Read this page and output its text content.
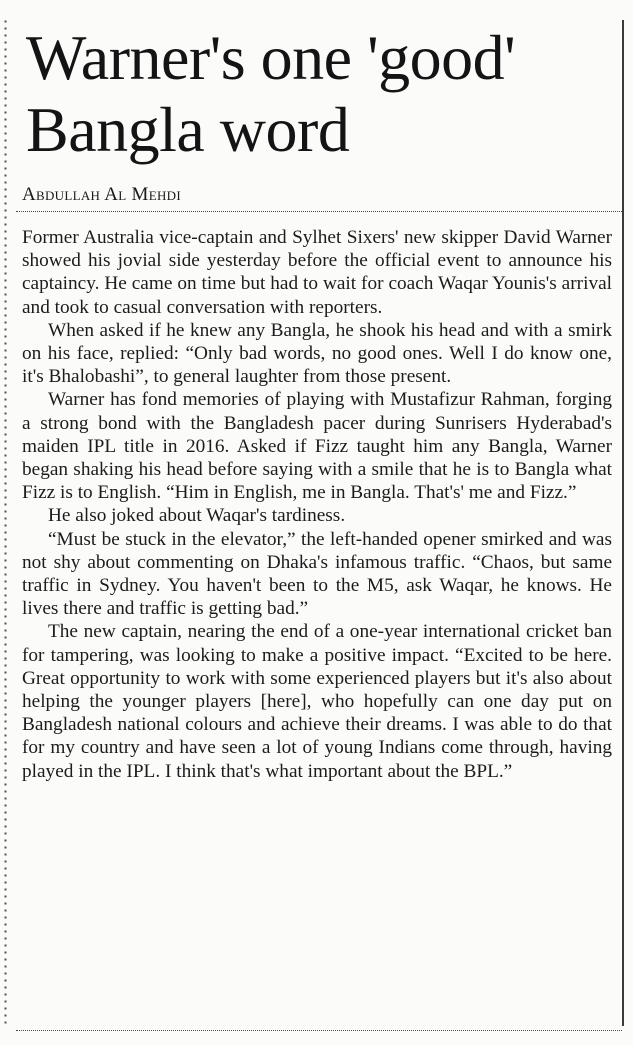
Warner's one 'good' Bangla word
Abdullah Al Mehdi

Former Australia vice-captain and Sylhet Sixers' new skipper David Warner showed his jovial side yesterday before the official event to announce his captaincy. He came on time but had to wait for coach Waqar Younis's arrival and took to casual conversation with reporters.

When asked if he knew any Bangla, he shook his head and with a smirk on his face, replied: “Only bad words, no good ones. Well I do know one, it's Bhalobashi”, to general laughter from those present.

Warner has fond memories of playing with Mustafizur Rahman, forging a strong bond with the Bangladesh pacer during Sunrisers Hyderabad's maiden IPL title in 2016. Asked if Fizz taught him any Bangla, Warner began shaking his head before saying with a smile that he is to Bangla what Fizz is to English. “Him in English, me in Bangla. That's' me and Fizz.”

He also joked about Waqar's tardiness.

“Must be stuck in the elevator,” the left-handed opener smirked and was not shy about commenting on Dhaka's infamous traffic. “Chaos, but same traffic in Sydney. You haven't been to the M5, ask Waqar, he knows. He lives there and traffic is getting bad.”

The new captain, nearing the end of a one-year international cricket ban for tampering, was looking to make a positive impact. “Excited to be here. Great opportunity to work with some experienced players but it's also about helping the younger players [here], who hopefully can one day put on Bangladesh national colours and achieve their dreams. I was able to do that for my country and have seen a lot of young Indians come through, having played in the IPL. I think that's what important about the BPL.”
